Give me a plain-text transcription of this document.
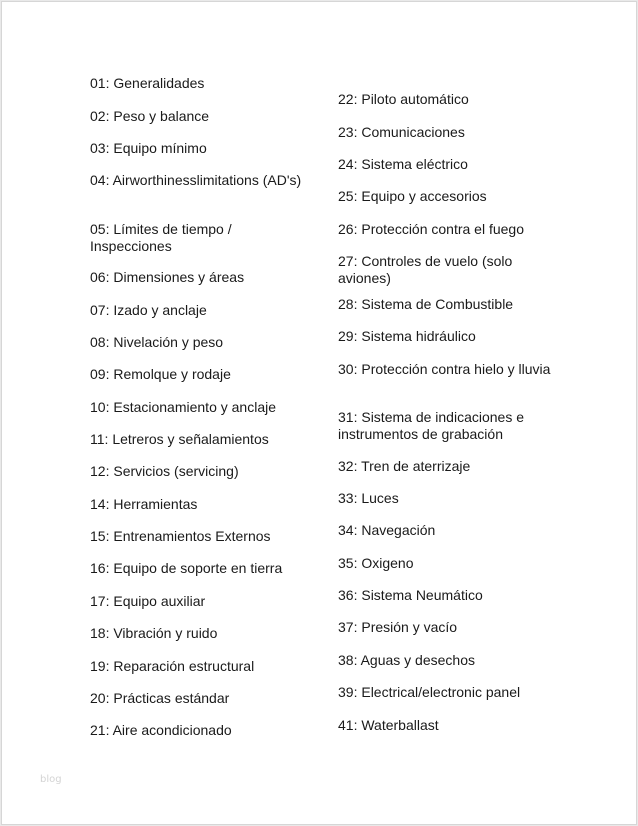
01: Generalidades
02: Peso y balance
03: Equipo mínimo
04: Airworthinesslimitations (AD's)
05: Límites de tiempo / Inspecciones
06: Dimensiones y áreas
07: Izado y anclaje
08: Nivelación y peso
09: Remolque y rodaje
10: Estacionamiento y anclaje
11: Letreros y señalamientos
12: Servicios (servicing)
14: Herramientas
15: Entrenamientos Externos
16: Equipo de soporte en tierra
17: Equipo auxiliar
18: Vibración y ruido
19: Reparación estructural
20: Prácticas estándar
21: Aire acondicionado
22: Piloto automático
23: Comunicaciones
24: Sistema eléctrico
25: Equipo y accesorios
26: Protección contra el fuego
27: Controles de vuelo (solo aviones)
28: Sistema de Combustible
29: Sistema hidráulico
30: Protección contra hielo y lluvia
31: Sistema de indicaciones e instrumentos de grabación
32: Tren de aterrizaje
33: Luces
34: Navegación
35: Oxigeno
36: Sistema Neumático
37: Presión y vacío
38: Aguas y desechos
39: Electrical/electronic panel
41: Waterballast
blog
